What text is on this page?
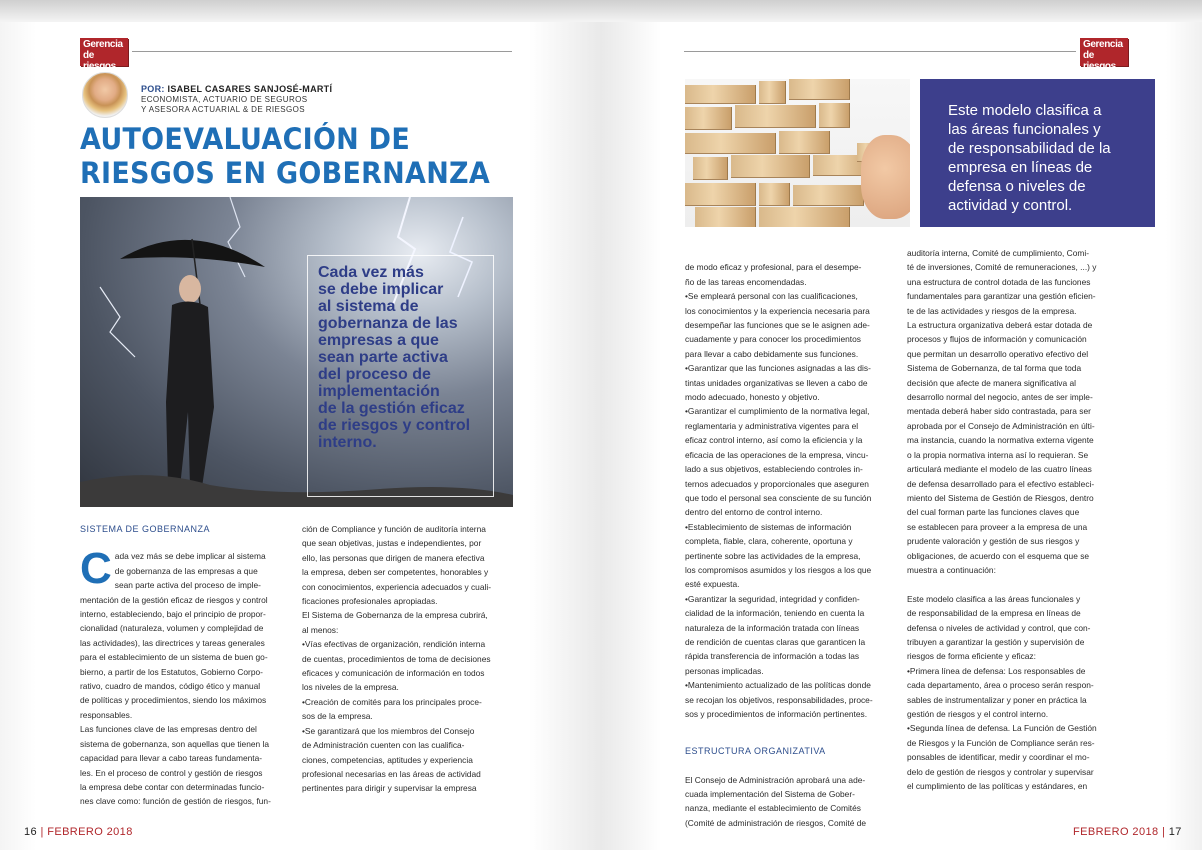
Gerencia
de riesgos
POR: ISABEL CASARES SANJOSÉ-MARTÍ
ECONOMISTA, ACTUARIO DE SEGUROS
Y ASESORA ACTUARIAL & DE RIESGOS
AUTOEVALUACIÓN DE
RIESGOS EN GOBERNANZA
Cada vez más
se debe implicar
al sistema de
gobernanza de las
empresas a que
sean parte activa
del proceso de
implementación
de la gestión eficaz
de riesgos y control
interno.
SISTEMA DE GOBERNANZA

Cada vez más se debe implicar al sistema
de gobernanza de las empresas a que
sean parte activa del proceso de imple-
mentación de la gestión eficaz de riesgos y control
interno, estableciendo, bajo el principio de propor-
cionalidad (naturaleza, volumen y complejidad de
las actividades), las directrices y tareas generales
para el establecimiento de un sistema de buen go-
bierno, a partir de los Estatutos, Gobierno Corpo-
rativo, cuadro de mandos, código ético y manual
de políticas y procedimientos, siendo los máximos
responsables.
Las funciones clave de las empresas dentro del
sistema de gobernanza, son aquellas que tienen la
capacidad para llevar a cabo tareas fundamenta-
les. En el proceso de control y gestión de riesgos
la empresa debe contar con determinadas funcio-
nes clave como: función de gestión de riesgos, fun-

ción de Compliance y función de auditoría interna
que sean objetivas, justas e independientes, por
ello, las personas que dirigen de manera efectiva
la empresa, deben ser competentes, honorables y
con conocimientos, experiencia adecuados y cuali-
ficaciones profesionales apropiadas.
El Sistema de Gobernanza de la empresa cubrirá,
al menos:
•Vías efectivas de organización, rendición interna
de cuentas, procedimientos de toma de decisiones
eficaces y comunicación de información en todos
los niveles de la empresa.
•Creación de comités para los principales proce-
sos de la empresa.
•Se garantizará que los miembros del Consejo
de Administración cuenten con las cualifica-
ciones, competencias, aptitudes y experiencia
profesional necesarias en las áreas de actividad
pertinentes para dirigir y supervisar la empresa
16 | FEBRERO 2018
Gerencia
de riesgos
Este modelo clasifica a
las áreas funcionales y
de responsabilidad de la
empresa en líneas de
defensa o niveles de
actividad y control.

de modo eficaz y profesional, para el desempe-
ño de las tareas encomendadas.
•Se empleará personal con las cualificaciones,
los conocimientos y la experiencia necesaria para
desempeñar las funciones que se le asignen ade-
cuadamente y para conocer los procedimientos
para llevar a cabo debidamente sus funciones.
•Garantizar que las funciones asignadas a las dis-
tintas unidades organizativas se lleven a cabo de
modo adecuado, honesto y objetivo.
•Garantizar el cumplimiento de la normativa legal,
reglamentaria y administrativa vigentes para el
eficaz control interno, así como la eficiencia y la
eficacia de las operaciones de la empresa, vincu-
lado a sus objetivos, estableciendo controles in-
ternos adecuados y proporcionales que aseguren
que todo el personal sea consciente de su función
dentro del entorno de control interno.
•Establecimiento de sistemas de información
completa, fiable, clara, coherente, oportuna y
pertinente sobre las actividades de la empresa,
los compromisos asumidos y los riesgos a los que
esté expuesta.
•Garantizar la seguridad, integridad y confiden-
cialidad de la información, teniendo en cuenta la
naturaleza de la información tratada con líneas
de rendición de cuentas claras que garanticen la
rápida transferencia de información a todas las
personas implicadas.
•Mantenimiento actualizado de las políticas donde
se recojan los objetivos, responsabilidades, proce-
sos y procedimientos de información pertinentes.

ESTRUCTURA ORGANIZATIVA

El Consejo de Administración aprobará una ade-
cuada implementación del Sistema de Gober-
nanza, mediante el establecimiento de Comités
(Comité de administración de riesgos, Comité de

auditoría interna, Comité de cumplimiento, Comi-
té de inversiones, Comité de remuneraciones, ...) y
una estructura de control dotada de las funciones
fundamentales para garantizar una gestión eficien-
te de las actividades y riesgos de la empresa.
La estructura organizativa deberá estar dotada de
procesos y flujos de información y comunicación
que permitan un desarrollo operativo efectivo del
Sistema de Gobernanza, de tal forma que toda
decisión que afecte de manera significativa al
desarrollo normal del negocio, antes de ser imple-
mentada deberá haber sido contrastada, para ser
aprobada por el Consejo de Administración en últi-
ma instancia, cuando la normativa externa vigente
o la propia normativa interna así lo requieran. Se
articulará mediante el modelo de las cuatro líneas
de defensa desarrollado para el efectivo estableci-
miento del Sistema de Gestión de Riesgos, dentro
del cual forman parte las funciones claves que
se establecen para proveer a la empresa de una
prudente valoración y gestión de sus riesgos y
obligaciones, de acuerdo con el esquema que se
muestra a continuación:

Este modelo clasifica a las áreas funcionales y
de responsabilidad de la empresa en líneas de
defensa o niveles de actividad y control, que con-
tribuyen a garantizar la gestión y supervisión de
riesgos de forma eficiente y eficaz:
•Primera línea de defensa: Los responsables de
cada departamento, área o proceso serán respon-
sables de instrumentalizar y poner en práctica la
gestión de riesgos y el control interno.
•Segunda línea de defensa. La Función de Gestión
de Riesgos y la Función de Compliance serán res-
ponsables de identificar, medir y coordinar el mo-
delo de gestión de riesgos y controlar y supervisar
el cumplimiento de las políticas y estándares, en
FEBRERO 2018 | 17
